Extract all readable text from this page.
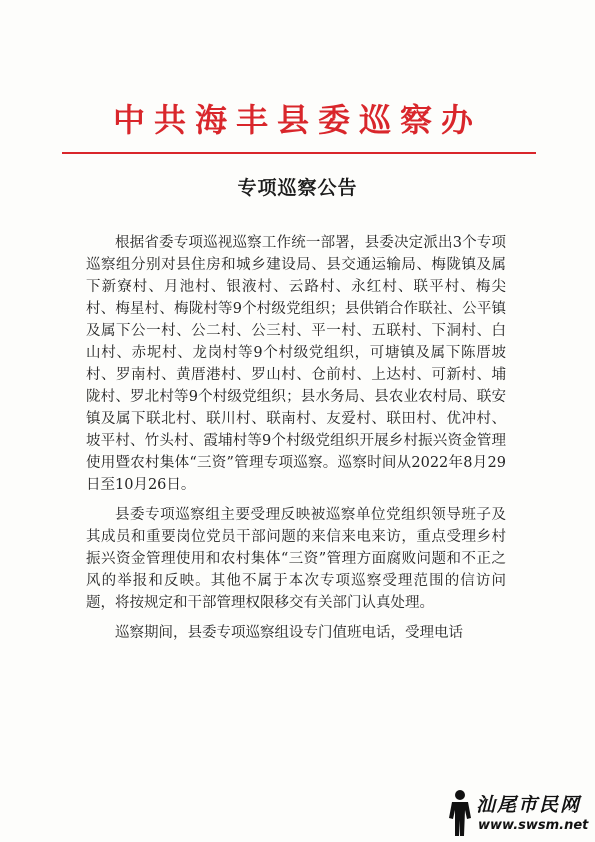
中共海丰县委巡察办
专项巡察公告

根据省委专项巡视巡察工作统一部署，县委决定派出3个专项巡察组分别对县住房和城乡建设局、县交通运输局、梅陇镇及属下新寮村、月池村、银液村、云路村、永红村、联平村、梅尖村、梅星村、梅陇村等9个村级党组织；县供销合作联社、公平镇及属下公一村、公二村、公三村、平一村、五联村、下洞村、白山村、赤坭村、龙岗村等9个村级党组织，可塘镇及属下陈厝坡村、罗南村、黄厝港村、罗山村、仓前村、上达村、可新村、埔陇村、罗北村等9个村级党组织；县水务局、县农业农村局、联安镇及属下联北村、联川村、联南村、友爱村、联田村、优冲村、坡平村、竹头村、霞埔村等9个村级党组织开展乡村振兴资金管理使用暨农村集体“三资”管理专项巡察。巡察时间从2022年8月29日至10月26日。

县委专项巡察组主要受理反映被巡察单位党组织领导班子及其成员和重要岗位党员干部问题的来信来电来访，重点受理乡村振兴资金管理使用和农村集体“三资”管理方面腐败问题和不正之风的举报和反映。其他不属于本次专项巡察受理范围的信访问题，将按规定和干部管理权限移交有关部门认真处理。

巡察期间，县委专项巡察组设专门值班电话，受理电话

汕尾市民网
www.swsm.net
